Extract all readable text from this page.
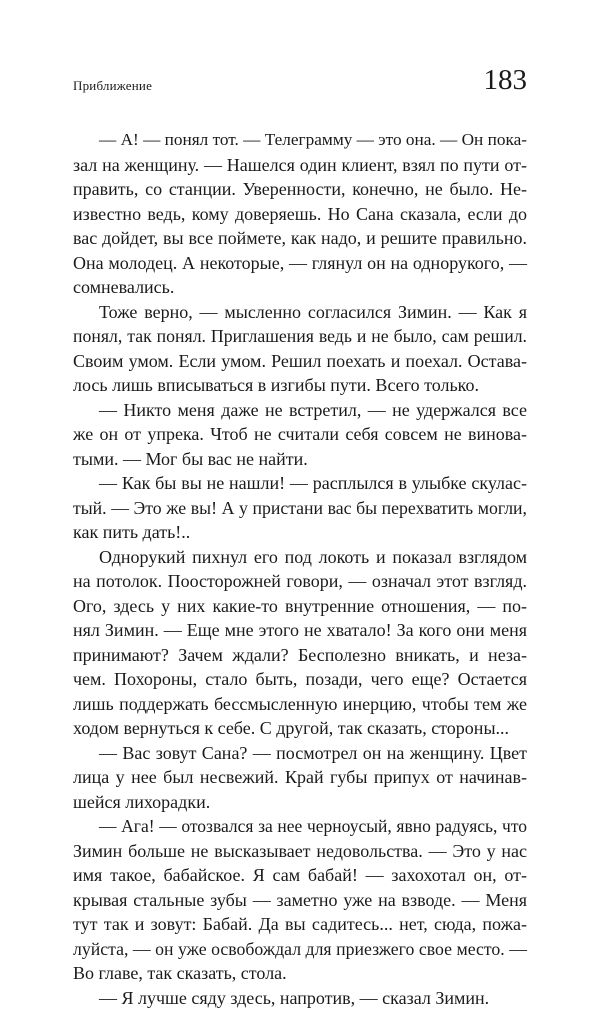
Приближение	183
— А! — понял тот. — Телеграмму — это она. — Он пока-
зал на женщину. — Нашелся один клиент, взял по пути от-
править, со станции. Уверенности, конечно, не было. Не-
известно ведь, кому доверяешь. Но Сана сказала, если до
вас дойдет, вы все поймете, как надо, и решите правильно.
Она молодец. А некоторые, — глянул он на однорукого, —
сомневались.
Тоже верно, — мысленно согласился Зимин. — Как я
понял, так понял. Приглашения ведь и не было, сам решил.
Своим умом. Если умом. Решил поехать и поехал. Остава-
лось лишь вписываться в изгибы пути. Всего только.
— Никто меня даже не встретил, — не удержался все
же он от упрека. Чтоб не считали себя совсем не винова-
тыми. — Мог бы вас не найти.
— Как бы вы не нашли! — расплылся в улыбке скулас-
тый. — Это же вы! А у пристани вас бы перехватить могли,
как пить дать!..
Однорукий пихнул его под локоть и показал взглядом
на потолок. Поосторожней говори, — означал этот взгляд.
Ого, здесь у них какие-то внутренние отношения, — по-
нял Зимин. — Еще мне этого не хватало! За кого они меня
принимают? Зачем ждали? Бесполезно вникать, и неза-
чем. Похороны, стало быть, позади, чего еще? Остается
лишь поддержать бессмысленную инерцию, чтобы тем же
ходом вернуться к себе. С другой, так сказать, стороны...
— Вас зовут Сана? — посмотрел он на женщину. Цвет
лица у нее был несвежий. Край губы припух от начинав-
шейся лихорадки.
— Ага! — отозвался за нее черноусый, явно радуясь, что
Зимин больше не высказывает недовольства. — Это у нас
имя такое, бабайское. Я сам бабай! — захохотал он, от-
крывая стальные зубы — заметно уже на взводе. — Меня
тут так и зовут: Бабай. Да вы садитесь... нет, сюда, пожа-
луйста, — он уже освобождал для приезжего свое место. —
Во главе, так сказать, стола.
— Я лучше сяду здесь, напротив, — сказал Зимин.
